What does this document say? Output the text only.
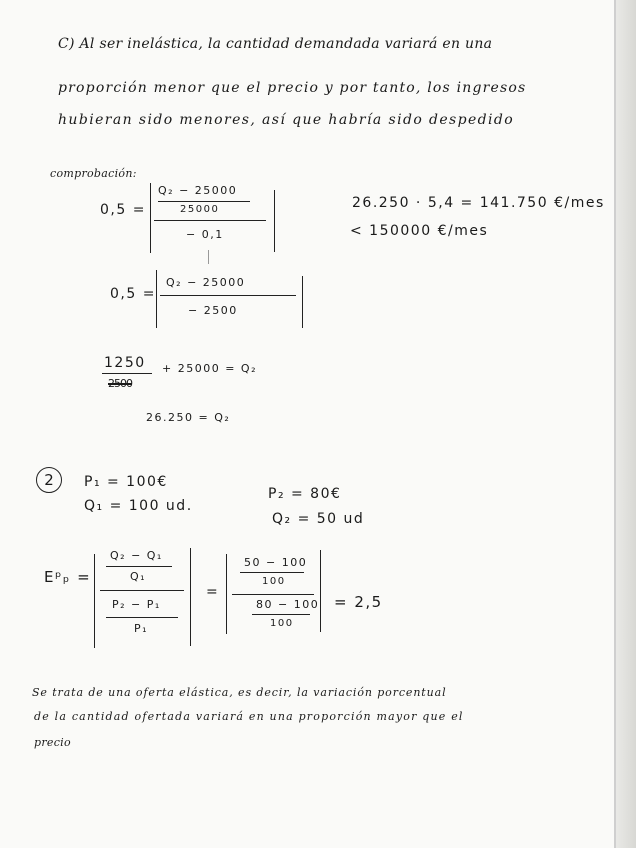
C) Al ser inelástica, la cantidad demandada variará en una
proporción menor que el precio y por tanto, los ingresos
hubieran sido menores, así que habría sido despedido
comprobación:
0,5 =
Q₂ − 25000
25000
− 0,1
26.250 · 5,4 = 141.750 €/mes
< 150000 €/mes
0,5 =
Q₂ − 25000
− 2500
1250
2500
+ 25000 = Q₂
26.250 = Q₂
2	P₁ = 100€
Q₁ = 100 ud.
P₂ = 80€
Q₂ = 50 ud
Eᵖₚ =
Q₂ − Q₁
Q₁
P₂ − P₁
P₁
=
50 − 100
100
80 − 100
100
= 2,5
Se trata de una oferta elástica, es decir, la variación porcentual
de la cantidad ofertada variará en una proporción mayor que el
precio
